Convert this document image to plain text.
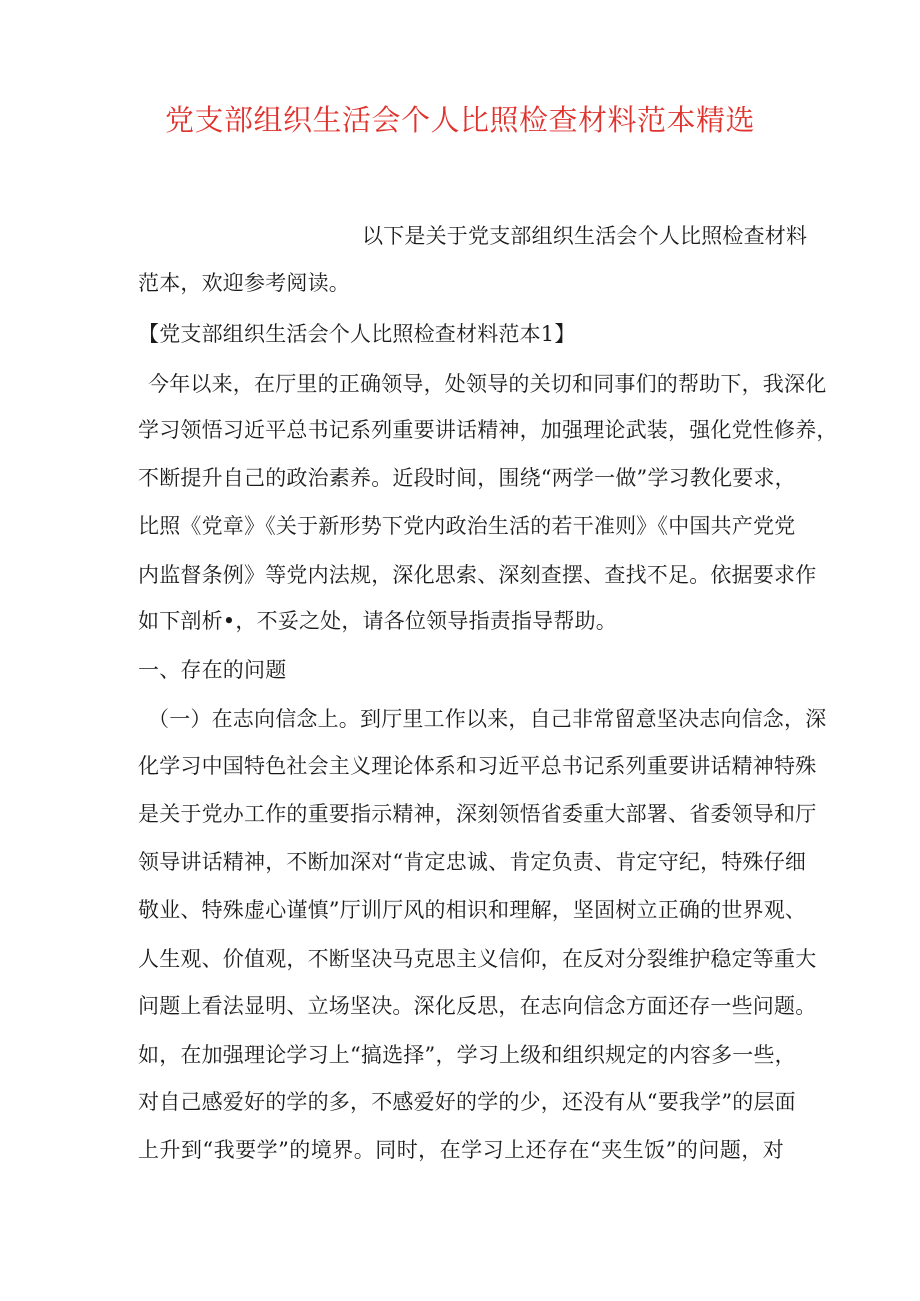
党支部组织生活会个人比照检查材料范本精选
以下是关于党支部组织生活会个人比照检查材料
范本，欢迎参考阅读。
【党支部组织生活会个人比照检查材料范本1】
今年以来，在厅里的正确领导，处领导的关切和同事们的帮助下，我深化
学习领悟习近平总书记系列重要讲话精神，加强理论武装，强化党性修养，
不断提升自己的政治素养。近段时间，围绕“两学一做”学习教化要求，
比照《党章》《关于新形势下党内政治生活的若干准则》《中国共产党党
内监督条例》等党内法规，深化思索、深刻查摆、查找不足。依据要求作
如下剖析•，不妥之处，请各位领导指责指导帮助。
一、存在的问题
（一）在志向信念上。到厅里工作以来，自己非常留意坚决志向信念，深
化学习中国特色社会主义理论体系和习近平总书记系列重要讲话精神特殊
是关于党办工作的重要指示精神，深刻领悟省委重大部署、省委领导和厅
领导讲话精神，不断加深对“肯定忠诚、肯定负责、肯定守纪，特殊仔细
敬业、特殊虚心谨慎”厅训厅风的相识和理解，坚固树立正确的世界观、
人生观、价值观，不断坚决马克思主义信仰，在反对分裂维护稳定等重大
问题上看法显明、立场坚决。深化反思，在志向信念方面还存一些问题。
如，在加强理论学习上“搞选择”，学习上级和组织规定的内容多一些，
对自己感爱好的学的多，不感爱好的学的少，还没有从“要我学”的层面
上升到“我要学”的境界。同时，在学习上还存在“夹生饭”的问题，对
